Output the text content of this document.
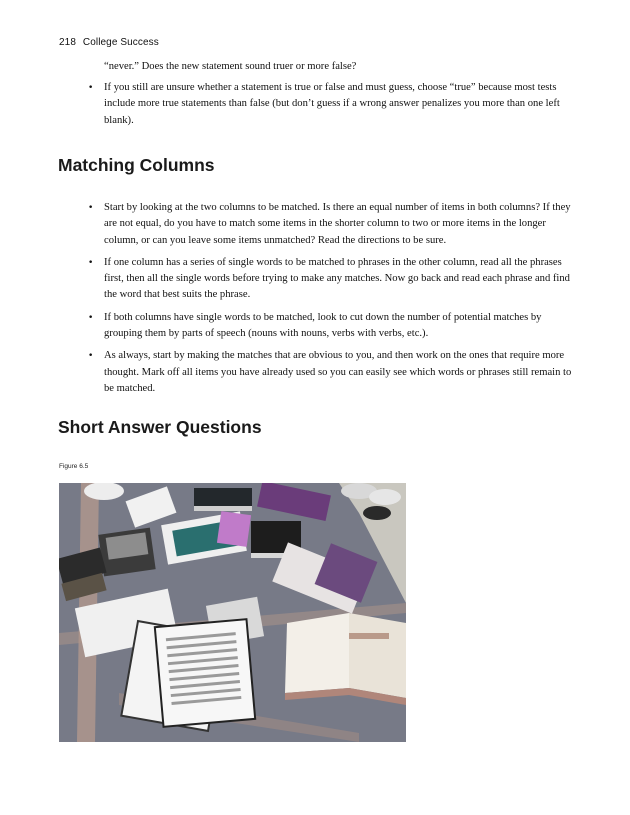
218 College Success
“never.” Does the new statement sound truer or more false?
•	If you still are unsure whether a statement is true or false and must guess, choose “true” because most tests include more true statements than false (but don’t guess if a wrong answer penalizes you more than one left blank).
Matching Columns
•	Start by looking at the two columns to be matched. Is there an equal number of items in both columns? If they are not equal, do you have to match some items in the shorter column to two or more items in the longer column, or can you leave some items unmatched? Read the directions to be sure.
•	If one column has a series of single words to be matched to phrases in the other column, read all the phrases first, then all the single words before trying to make any matches. Now go back and read each phrase and find the word that best suits the phrase.
•	If both columns have single words to be matched, look to cut down the number of potential matches by grouping them by parts of speech (nouns with nouns, verbs with verbs, etc.).
•	As always, start by making the matches that are obvious to you, and then work on the ones that require more thought. Mark off all items you have already used so you can easily see which words or phrases still remain to be matched.
Short Answer Questions
Figure 6.5
